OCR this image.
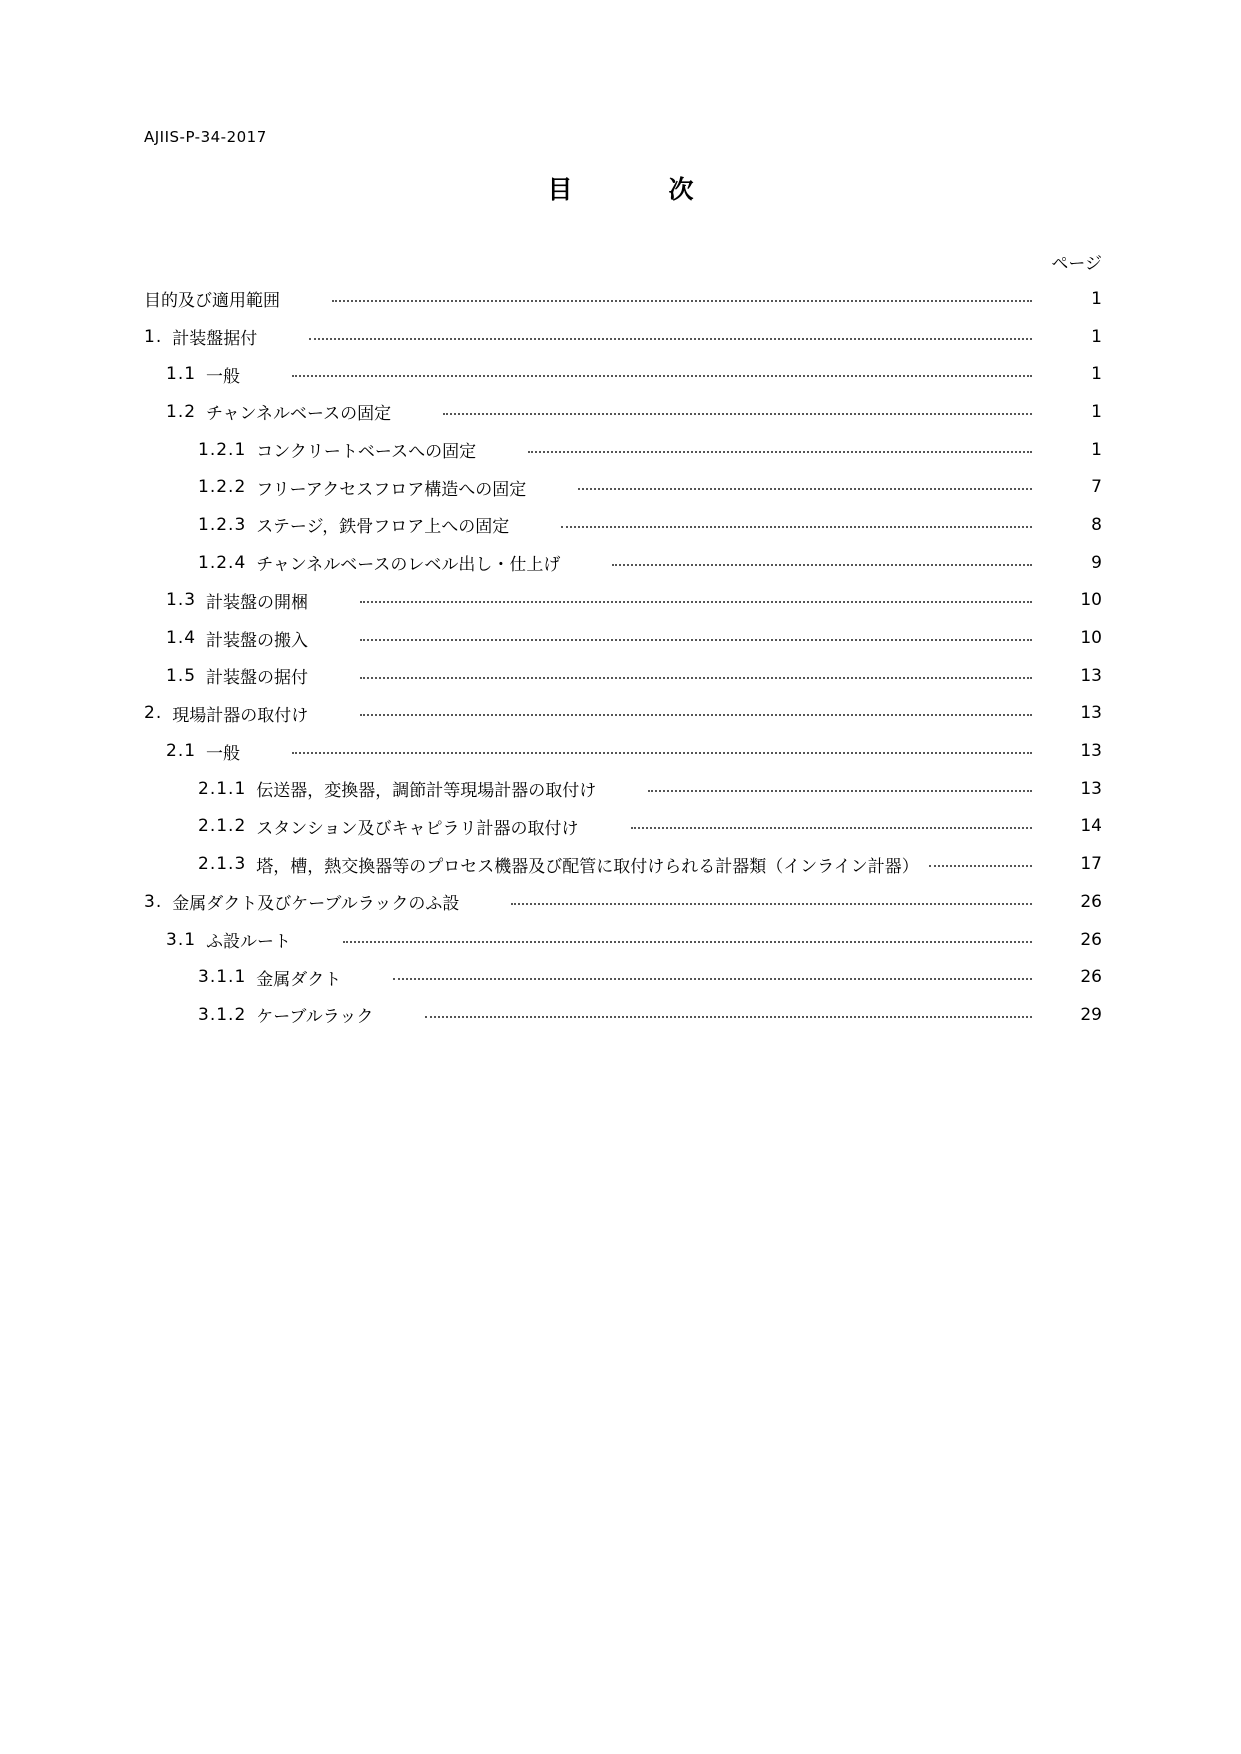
AJIIS-P-34-2017
目	次
ページ
目的及び適用範囲	1
1. 計装盤据付	1
1.1 一般	1
1.2 チャンネルベースの固定	1
1.2.1 コンクリートベースへの固定	1
1.2.2 フリーアクセスフロア構造への固定	7
1.2.3 ステージ，鉄骨フロア上への固定	8
1.2.4 チャンネルベースのレベル出し・仕上げ	9
1.3 計装盤の開梱	10
1.4 計装盤の搬入	10
1.5 計装盤の据付	13
2. 現場計器の取付け	13
2.1 一般	13
2.1.1 伝送器，変換器，調節計等現場計器の取付け	13
2.1.2 スタンション及びキャピラリ計器の取付け	14
2.1.3 塔，槽，熱交換器等のプロセス機器及び配管に取付けられる計器類（インライン計器）	17
3. 金属ダクト及びケーブルラックのふ設	26
3.1 ふ設ルート	26
3.1.1 金属ダクト	26
3.1.2 ケーブルラック	29
